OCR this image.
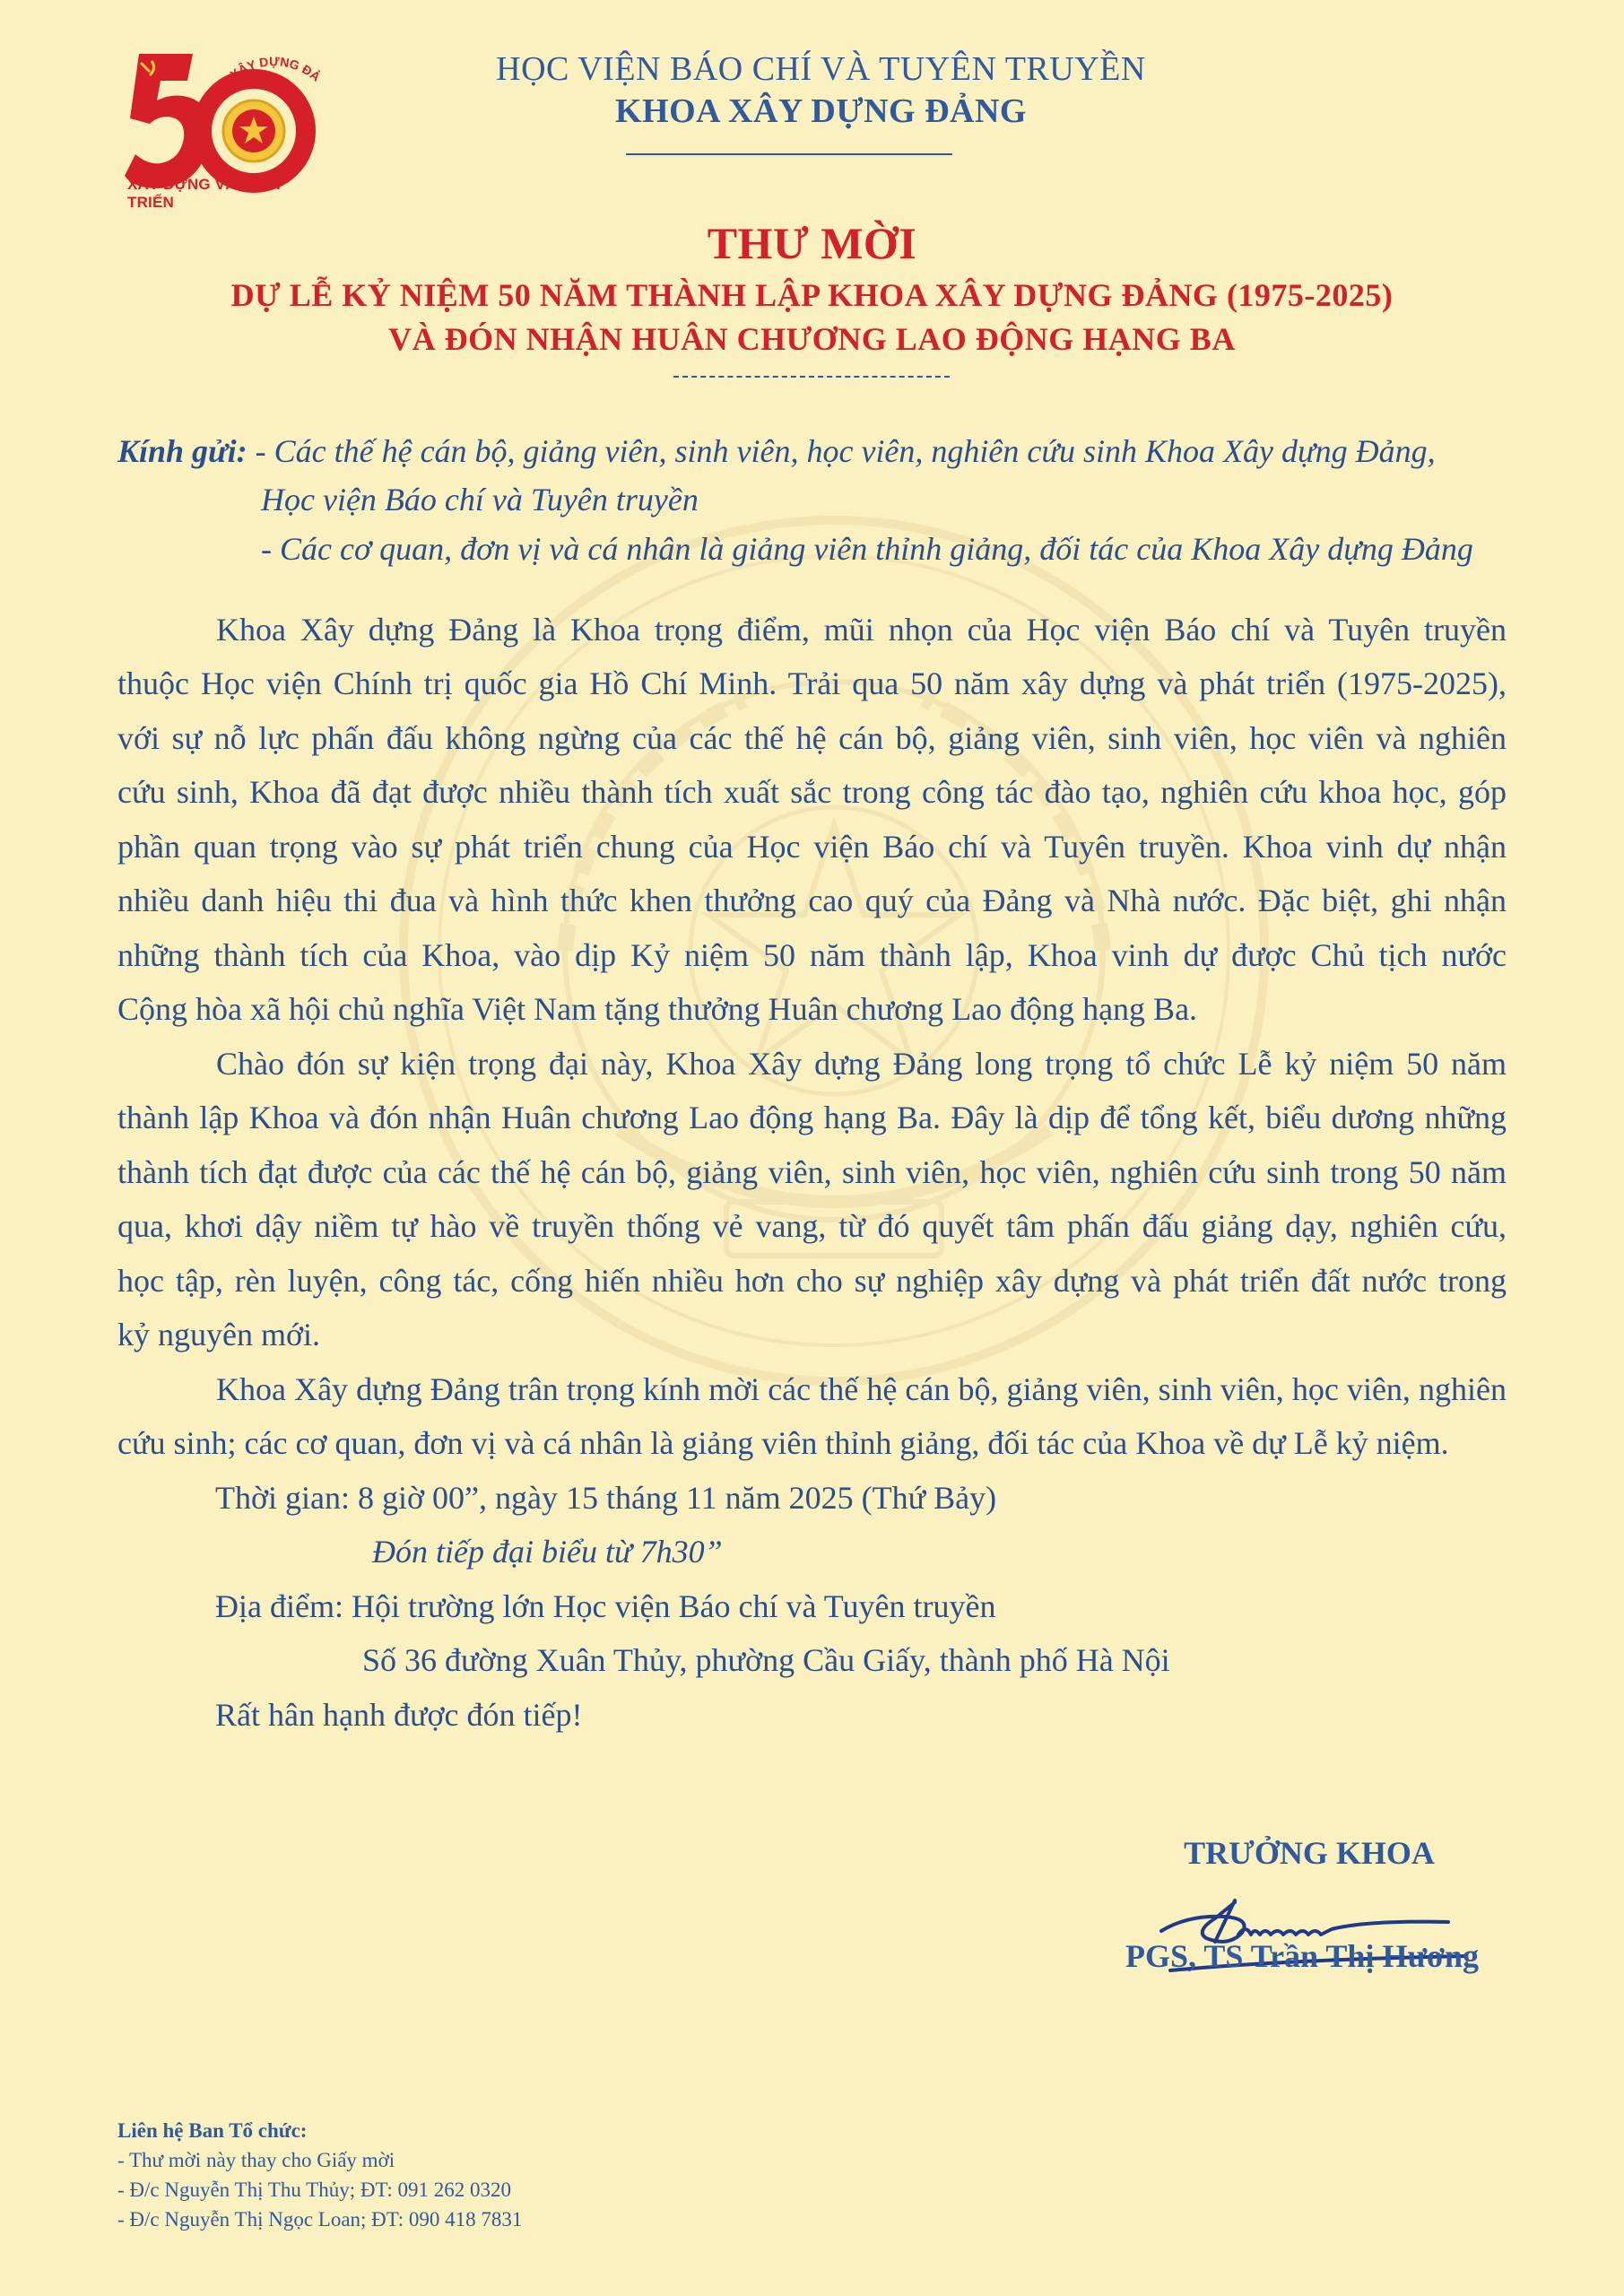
KHOA XÂY DỰNG ĐẢNG
XÂY DỰNG VÀ PHÁT TRIỂN
HỌC VIỆN BÁO CHÍ VÀ TUYÊN TRUYỀN
KHOA XÂY DỰNG ĐẢNG
THƯ MỜI
DỰ LỄ KỶ NIỆM 50 NĂM THÀNH LẬP KHOA XÂY DỰNG ĐẢNG (1975-2025)
VÀ ĐÓN NHẬN HUÂN CHƯƠNG LAO ĐỘNG HẠNG BA
Kính gửi: - Các thế hệ cán bộ, giảng viên, sinh viên, học viên, nghiên cứu sinh Khoa Xây dựng Đảng,
Học viện Báo chí và Tuyên truyền
- Các cơ quan, đơn vị và cá nhân là giảng viên thỉnh giảng, đối tác của Khoa Xây dựng Đảng
Khoa Xây dựng Đảng là Khoa trọng điểm, mũi nhọn của Học viện Báo chí và Tuyên truyền
thuộc Học viện Chính trị quốc gia Hồ Chí Minh. Trải qua 50 năm xây dựng và phát triển (1975-2025),
với sự nỗ lực phấn đấu không ngừng của các thế hệ cán bộ, giảng viên, sinh viên, học viên và nghiên
cứu sinh, Khoa đã đạt được nhiều thành tích xuất sắc trong công tác đào tạo, nghiên cứu khoa học, góp
phần quan trọng vào sự phát triển chung của Học viện Báo chí và Tuyên truyền. Khoa vinh dự nhận
nhiều danh hiệu thi đua và hình thức khen thưởng cao quý của Đảng và Nhà nước. Đặc biệt, ghi nhận
những thành tích của Khoa, vào dịp Kỷ niệm 50 năm thành lập, Khoa vinh dự được Chủ tịch nước
Cộng hòa xã hội chủ nghĩa Việt Nam tặng thưởng Huân chương Lao động hạng Ba.
Chào đón sự kiện trọng đại này, Khoa Xây dựng Đảng long trọng tổ chức Lễ kỷ niệm 50 năm
thành lập Khoa và đón nhận Huân chương Lao động hạng Ba. Đây là dịp để tổng kết, biểu dương những
thành tích đạt được của các thế hệ cán bộ, giảng viên, sinh viên, học viên, nghiên cứu sinh trong 50 năm
qua, khơi dậy niềm tự hào về truyền thống vẻ vang, từ đó quyết tâm phấn đấu giảng dạy, nghiên cứu,
học tập, rèn luyện, công tác, cống hiến nhiều hơn cho sự nghiệp xây dựng và phát triển đất nước trong
kỷ nguyên mới.
Khoa Xây dựng Đảng trân trọng kính mời các thế hệ cán bộ, giảng viên, sinh viên, học viên, nghiên
cứu sinh; các cơ quan, đơn vị và cá nhân là giảng viên thỉnh giảng, đối tác của Khoa về dự Lễ kỷ niệm.
Thời gian: 8 giờ 00”, ngày 15 tháng 11 năm 2025 (Thứ Bảy)
Đón tiếp đại biểu từ 7h30”
Địa điểm: Hội trường lớn Học viện Báo chí và Tuyên truyền
Số 36 đường Xuân Thủy, phường Cầu Giấy, thành phố Hà Nội
Rất hân hạnh được đón tiếp!
TRƯỞNG KHOA
PGS, TS Trần Thị Hương
Liên hệ Ban Tổ chức:
- Thư mời này thay cho Giấy mời
- Đ/c Nguyễn Thị Thu Thủy; ĐT: 091 262 0320
- Đ/c Nguyễn Thị Ngọc Loan; ĐT: 090 418 7831
